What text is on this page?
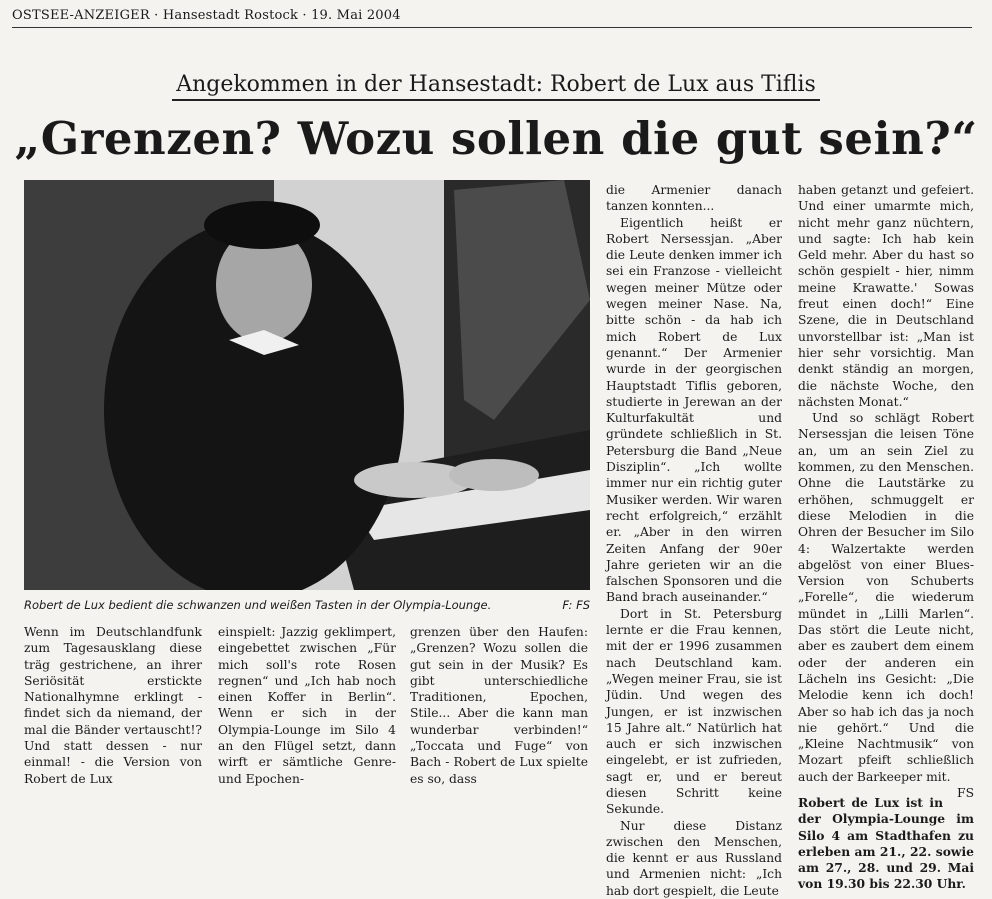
OSTSEE-ANZEIGER · Hansestadt Rostock · 19. Mai 2004
Angekommen in der Hansestadt: Robert de Lux aus Tiflis
„Grenzen? Wozu sollen die gut sein?“
Robert de Lux bedient die schwanzen und weißen Tasten in der Olympia-Lounge.	F: FS

Wenn im Deutschlandfunk zum Tagesausklang diese träg gestrichene, an ihrer Seriösität erstickte Nationalhymne erklingt - findet sich da niemand, der mal die Bänder vertauscht!? Und statt dessen - nur einmal! - die Version von Robert de Lux

einspielt: Jazzig geklimpert, eingebettet zwischen „Für mich soll's rote Rosen regnen“ und „Ich hab noch einen Koffer in Berlin“. Wenn er sich in der Olympia-Lounge im Silo 4 an den Flügel setzt, dann wirft er sämtliche Genre- und Epochen-

grenzen über den Haufen: „Grenzen? Wozu sollen die gut sein in der Musik? Es gibt unterschiedliche Traditionen, Epochen, Stile... Aber die kann man wunderbar verbinden!“ „Toccata und Fuge“ von Bach - Robert de Lux spielte es so, dass

die Armenier danach tanzen konnten...

Eigentlich heißt er Robert Nersessjan. „Aber die Leute denken immer ich sei ein Franzose - vielleicht wegen meiner Mütze oder wegen meiner Nase. Na, bitte schön - da hab ich mich Robert de Lux genannt.“ Der Armenier wurde in der georgischen Hauptstadt Tiflis geboren, studierte in Jerewan an der Kulturfakultät und gründete schließlich in St. Petersburg die Band „Neue Disziplin“. „Ich wollte immer nur ein richtig guter Musiker werden. Wir waren recht erfolgreich,“ erzählt er. „Aber in den wirren Zeiten Anfang der 90er Jahre gerieten wir an die falschen Sponsoren und die Band brach auseinander.“

Dort in St. Petersburg lernte er die Frau kennen, mit der er 1996 zusammen nach Deutschland kam. „Wegen meiner Frau, sie ist Jüdin. Und wegen des Jungen, er ist inzwischen 15 Jahre alt.“ Natürlich hat auch er sich inzwischen eingelebt, er ist zufrieden, sagt er, und er bereut diesen Schritt keine Sekunde.

Nur diese Distanz zwischen den Menschen, die kennt er aus Russland und Armenien nicht: „Ich hab dort gespielt, die Leute

haben getanzt und gefeiert. Und einer umarmte mich, nicht mehr ganz nüchtern, und sagte: Ich hab kein Geld mehr. Aber du hast so schön gespielt - hier, nimm meine Krawatte.' Sowas freut einen doch!“ Eine Szene, die in Deutschland unvorstellbar ist: „Man ist hier sehr vorsichtig. Man denkt ständig an morgen, die nächste Woche, den nächsten Monat.“

Und so schlägt Robert Nersessjan die leisen Töne an, um an sein Ziel zu kommen, zu den Menschen. Ohne die Lautstärke zu erhöhen, schmuggelt er diese Melodien in die Ohren der Besucher im Silo 4: Walzertakte werden abgelöst von einer Blues-Version von Schuberts „Forelle“, die wiederum mündet in „Lilli Marlen“. Das stört die Leute nicht, aber es zaubert dem einem oder der anderen ein Lächeln ins Gesicht: „Die Melodie kenn ich doch! Aber so hab ich das ja noch nie gehört.“ Und die „Kleine Nachtmusik“ von Mozart pfeift schließlich auch der Barkeeper mit.
FS

Robert de Lux ist in der Olympia-Lounge im Silo 4 am Stadthafen zu erleben am 21., 22. sowie am 27., 28. und 29. Mai von 19.30 bis 22.30 Uhr.
